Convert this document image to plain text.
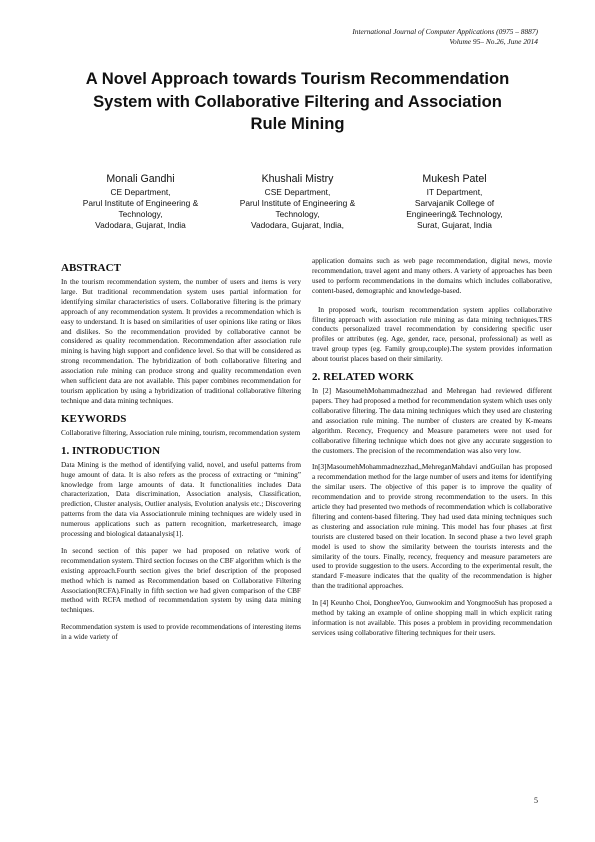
International Journal of Computer Applications (0975 – 8887)
Volume 95– No.26, June 2014
A Novel Approach towards Tourism Recommendation
System with Collaborative Filtering and Association
Rule Mining
Monali Gandhi
CE Department,
Parul Institute of Engineering &
Technology,
Vadodara, Gujarat, India
Khushali Mistry
CSE Department,
Parul Institute of Engineering &
Technology,
Vadodara, Gujarat, India,
Mukesh Patel
IT Department,
Sarvajanik College of
Engineering& Technology,
Surat, Gujarat, India
ABSTRACT

In the tourism recommendation system, the number of users and items is very large. But traditional recommendation system uses partial information for identifying similar characteristics of users. Collaborative filtering is the primary approach of any recommendation system. It provides a recommendation which is easy to understand. It is based on similarities of user opinions like rating or likes and dislikes. So the recommendation provided by collaborative cannot be considered as quality recommendation. Recommendation after association rule mining is having high support and confidence level. So that will be considered as strong recommendation. The hybridization of both collaborative filtering and association rule mining can produce strong and quality recommendation even when sufficient data are not available. This paper combines recommendation for tourism application by using a hybridization of traditional collaborative filtering technique and data mining techniques.

KEYWORDS

Collaborative filtering, Association rule mining, tourism, recommendation system

1. INTRODUCTION

Data Mining is the method of identifying valid, novel, and useful patterns from huge amount of data. It is also refers as the process of extracting or “mining” knowledge from large amounts of data. It functionalities includes Data characterization, Data discrimination, Association analysis, Classification, prediction, Cluster analysis, Outlier analysis, Evolution analysis etc.; Discovering patterns from the data via Associationrule mining techniques are widely used in numerous applications such as pattern recognition, marketresearch, image processing and biological dataanalysis[1].

In second section of this paper we had proposed on relative work of recommendation system. Third section focuses on the CBF algorithm which is the existing approach.Fourth section gives the brief description of the proposed method which is named as Recommendation based on Collaborative Filtering Association(RCFA).Finally in fifth section we had given comparison of the CBF method with RCFA method of recommendation system by using data mining techniques.

Recommendation system is used to provide recommendations of interesting items in a wide variety of

application domains such as web page recommendation, digital news, movie recommendation, travel agent and many others. A variety of approaches has been used to perform recommendations in the domains which includes collaborative, content-based, demographic and knowledge-based.

In proposed work, tourism recommendation system applies collaborative filtering approach with association rule mining as data mining techniques.TRS conducts personalized travel recommendation by considering specific user profiles or attributes (eg. Age, gender, race, personal, professional) as well as travel group types (eg. Family group,couple).The system provides information about tourist places based on their similarity.

2. RELATED WORK

In [2] MasoumehMohammadnezzhad and Mehregan had reviewed different papers. They had proposed a method for recommendation system which uses only collaborative filtering. The data mining techniques which they used are clustering and association rule mining. The number of clusters are created by K-means algorithm. Recency, Frequency and Measure parameters were not used for collaborative filtering technique which does not give any accurate suggestion to the customers. The precision of the recommendation was also very low.

In[3]MasoumehMohammadnezzhad,,MehreganMahdavi andGuilan has proposed a recommendation method for the large number of users and items for identifying the similar users. The objective of this paper is to improve the quality of recommendation and to provide strong recommendation to the users. In this article they had presented two methods of recommendation which is collaborative filtering and content-based filtering. They had used data mining techniques such as clustering and association rule mining. This model has four phases .at first tourists are clustered based on their location. In second phase a two level graph model is used to show the similarity between the tourists interests and the similarity of the tours. Finally, recency, frequency and measure parameters are used to provide suggestion to the users. According to the experimental result, the standard F-measure indicates that the quality of the recommendation is higher than the traditional approaches.

In [4] Keunho Choi, DongheeYoo, Gunwookim and YongmooSuh has proposed a method by taking an example of online shopping mall in which explicit rating information is not available. This poses a problem in providing recommendation services using collaborative filtering techniques for their users.

5
